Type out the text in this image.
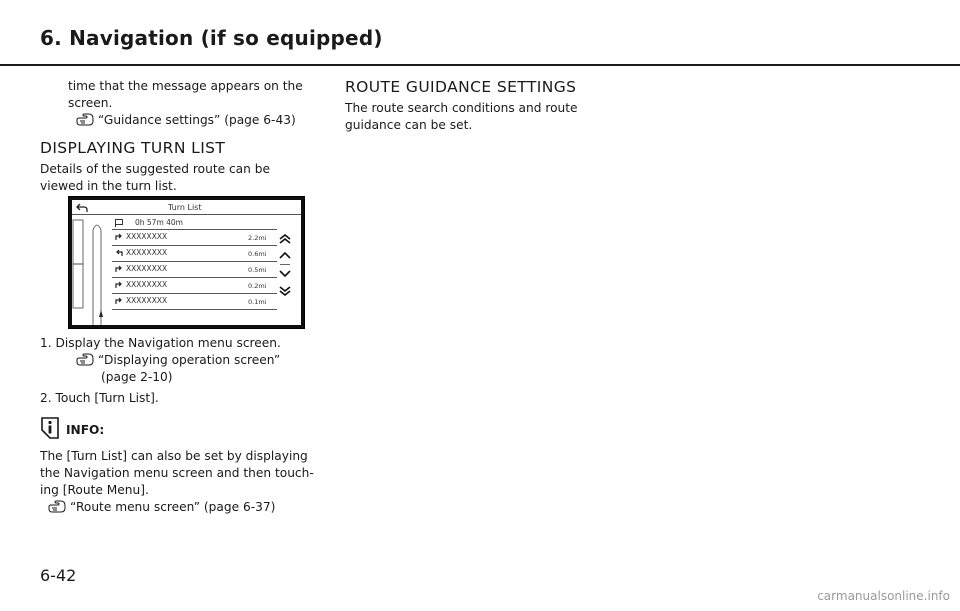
6. Navigation (if so equipped)
time that the message appears on the
screen.
“Guidance settings” (page 6-43)
DISPLAYING TURN LIST
Details of the suggested route can be
viewed in the turn list.
Turn List
0h 57m 40m
XXXXXXXX	2.2mi
XXXXXXXX	0.6mi
XXXXXXXX	0.5mi
XXXXXXXX	0.2mi
XXXXXXXX	0.1mi
1. Display the Navigation menu screen.
“Displaying operation screen”
(page 2-10)
2. Touch [Turn List].
INFO:
The [Turn List] can also be set by displaying
the Navigation menu screen and then touch-
ing [Route Menu].
“Route menu screen” (page 6-37)
ROUTE GUIDANCE SETTINGS
The route search conditions and route
guidance can be set.
6-42
carmanualsonline.info
